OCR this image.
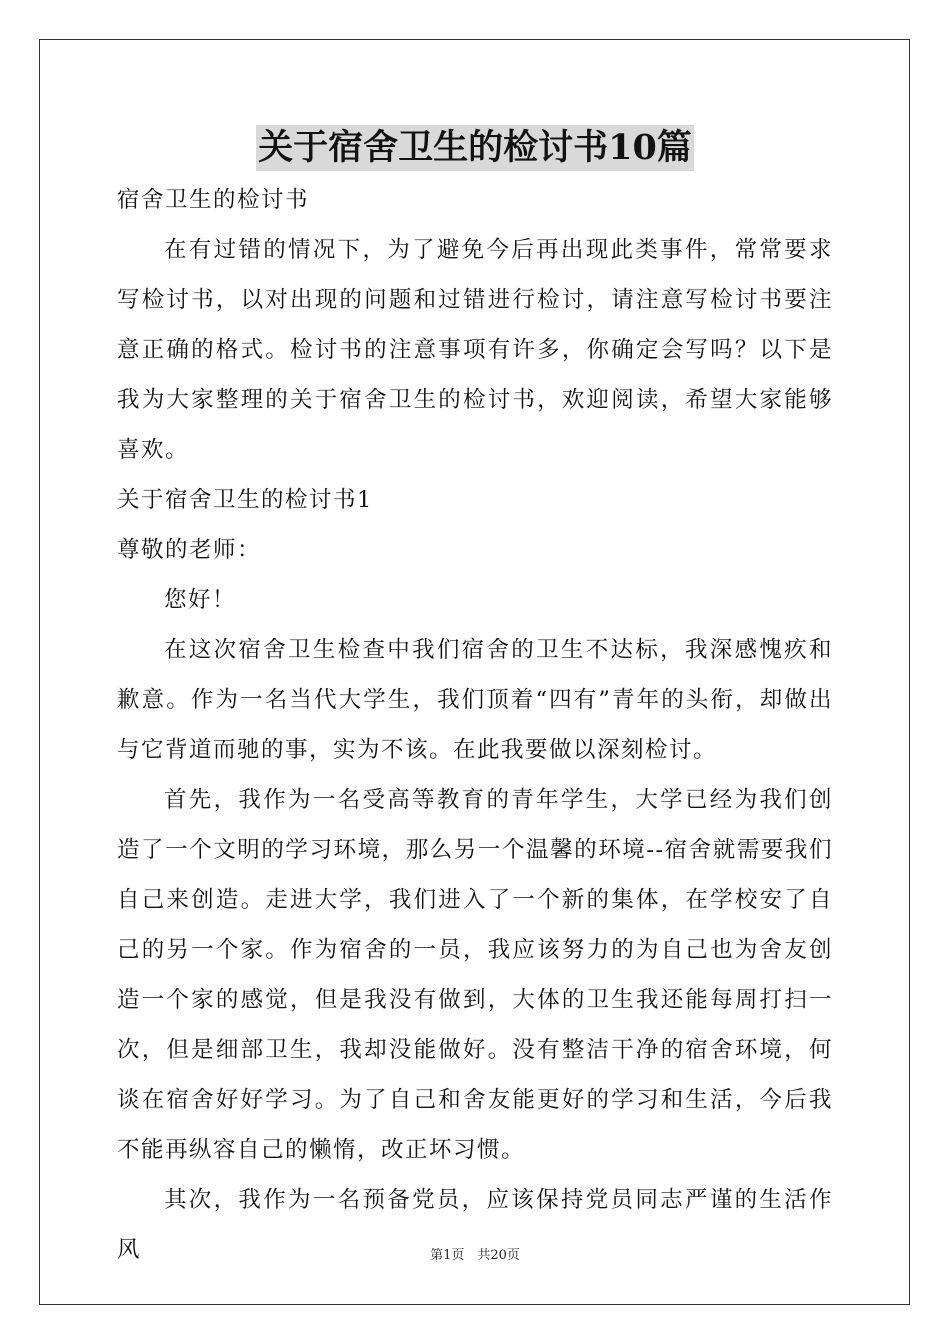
关于宿舍卫生的检讨书10篇

宿舍卫生的检讨书

在有过错的情况下，为了避免今后再出现此类事件，常常要求写检讨书，以对出现的问题和过错进行检讨，请注意写检讨书要注意正确的格式。检讨书的注意事项有许多，你确定会写吗？以下是我为大家整理的关于宿舍卫生的检讨书，欢迎阅读，希望大家能够喜欢。

关于宿舍卫生的检讨书1

尊敬的老师：

您好！

在这次宿舍卫生检查中我们宿舍的卫生不达标，我深感愧疚和歉意。作为一名当代大学生，我们顶着“四有”青年的头衔，却做出与它背道而驰的事，实为不该。在此我要做以深刻检讨。

首先，我作为一名受高等教育的青年学生，大学已经为我们创造了一个文明的学习环境，那么另一个温馨的环境--宿舍就需要我们自己来创造。走进大学，我们进入了一个新的集体，在学校安了自己的另一个家。作为宿舍的一员，我应该努力的为自己也为舍友创造一个家的感觉，但是我没有做到，大体的卫生我还能每周打扫一次，但是细部卫生，我却没能做好。没有整洁干净的宿舍环境，何谈在宿舍好好学习。为了自己和舍友能更好的学习和生活，今后我不能再纵容自己的懒惰，改正坏习惯。

其次，我作为一名预备党员，应该保持党员同志严谨的生活作风	第1页　共20页
